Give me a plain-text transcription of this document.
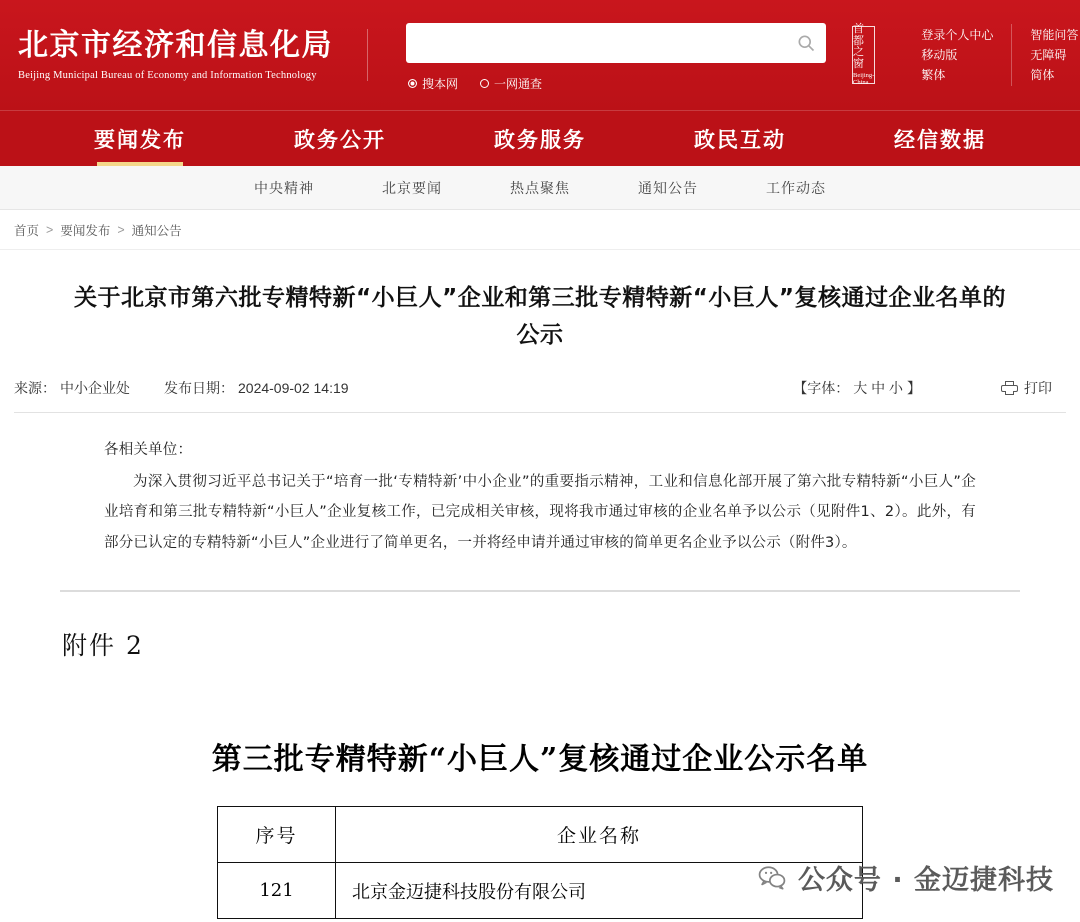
北京市经济和信息化局
Beijing Municipal Bureau of Economy and Information Technology
搜本网	一网通查
首都之窗
Beijing-China
登录个人中心
移动版
繁体
智能问答
无障碍
简体
要闻发布	政务公开	政务服务	政民互动	经信数据
中央精神	北京要闻	热点聚焦	通知公告	工作动态
首页 > 要闻发布 > 通知公告
关于北京市第六批专精特新“小巨人”企业和第三批专精特新“小巨人”复核通过企业名单的公示
来源： 中小企业处 发布日期： 2024-09-02 14:19	【字体： 大 中 小 】	打印

各相关单位：

为深入贯彻习近平总书记关于“培育一批‘专精特新’中小企业”的重要指示精神，工业和信息化部开展了第六批专精特新“小巨人”企业培育和第三批专精特新“小巨人”企业复核工作，已完成相关审核，现将我市通过审核的企业名单予以公示（见附件1、2）。此外，有部分已认定的专精特新“小巨人”企业进行了简单更名，一并将经申请并通过审核的简单更名企业予以公示（附件3）。

附件 2
第三批专精特新“小巨人”复核通过企业公示名单
序号	企业名称
121	北京金迈捷科技股份有限公司	公众号 · 金迈捷科技
